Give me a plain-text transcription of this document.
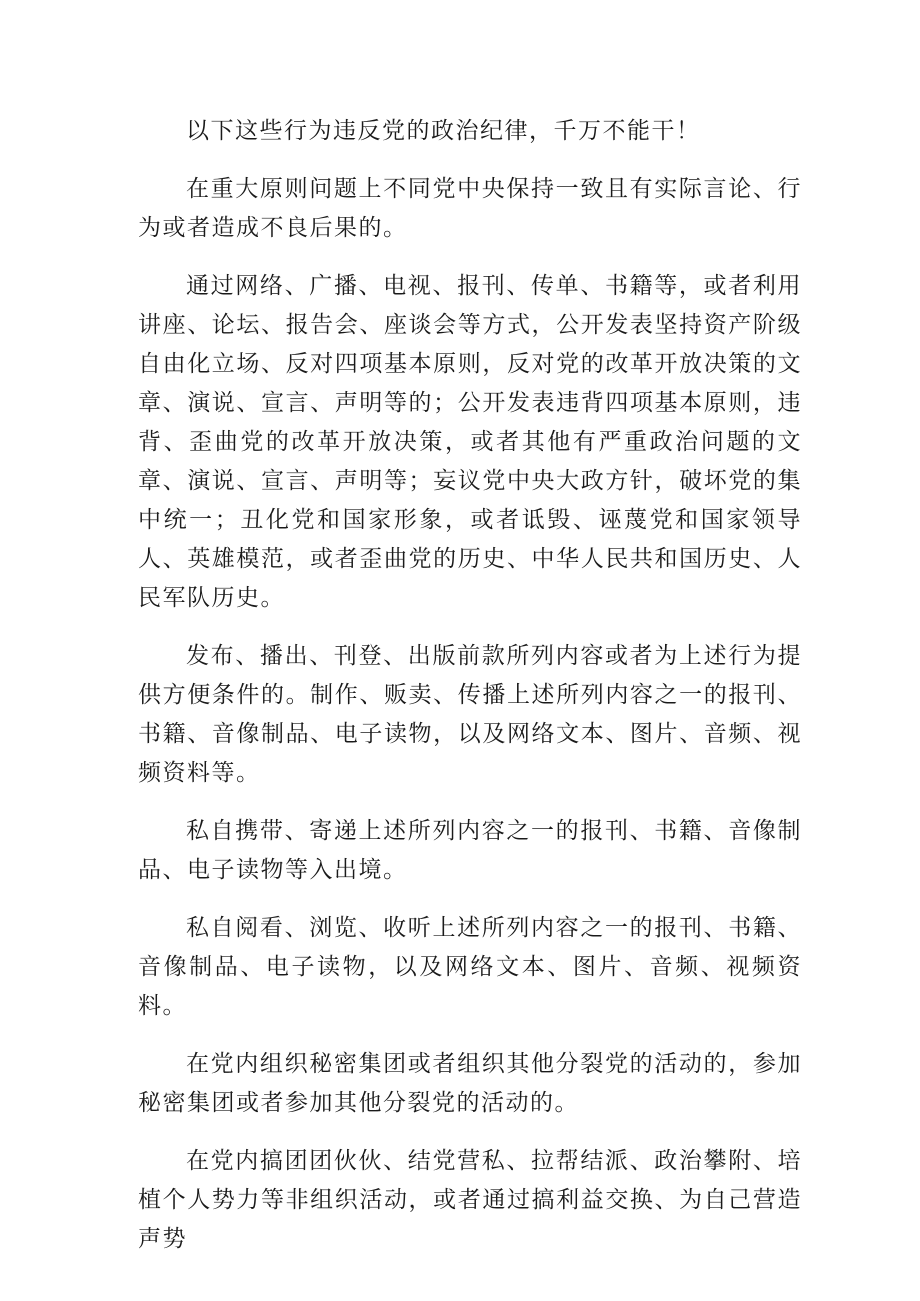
以下这些行为违反党的政治纪律，千万不能干！

在重大原则问题上不同党中央保持一致且有实际言论、行为或者造成不良后果的。

通过网络、广播、电视、报刊、传单、书籍等，或者利用讲座、论坛、报告会、座谈会等方式，公开发表坚持资产阶级自由化立场、反对四项基本原则，反对党的改革开放决策的文章、演说、宣言、声明等的；公开发表违背四项基本原则，违背、歪曲党的改革开放决策，或者其他有严重政治问题的文章、演说、宣言、声明等；妄议党中央大政方针，破坏党的集中统一；丑化党和国家形象，或者诋毁、诬蔑党和国家领导人、英雄模范，或者歪曲党的历史、中华人民共和国历史、人民军队历史。

发布、播出、刊登、出版前款所列内容或者为上述行为提供方便条件的。制作、贩卖、传播上述所列内容之一的报刊、书籍、音像制品、电子读物，以及网络文本、图片、音频、视频资料等。

私自携带、寄递上述所列内容之一的报刊、书籍、音像制品、电子读物等入出境。

私自阅看、浏览、收听上述所列内容之一的报刊、书籍、音像制品、电子读物，以及网络文本、图片、音频、视频资料。

在党内组织秘密集团或者组织其他分裂党的活动的，参加秘密集团或者参加其他分裂党的活动的。

在党内搞团团伙伙、结党营私、拉帮结派、政治攀附、培植个人势力等非组织活动，或者通过搞利益交换、为自己营造声势
